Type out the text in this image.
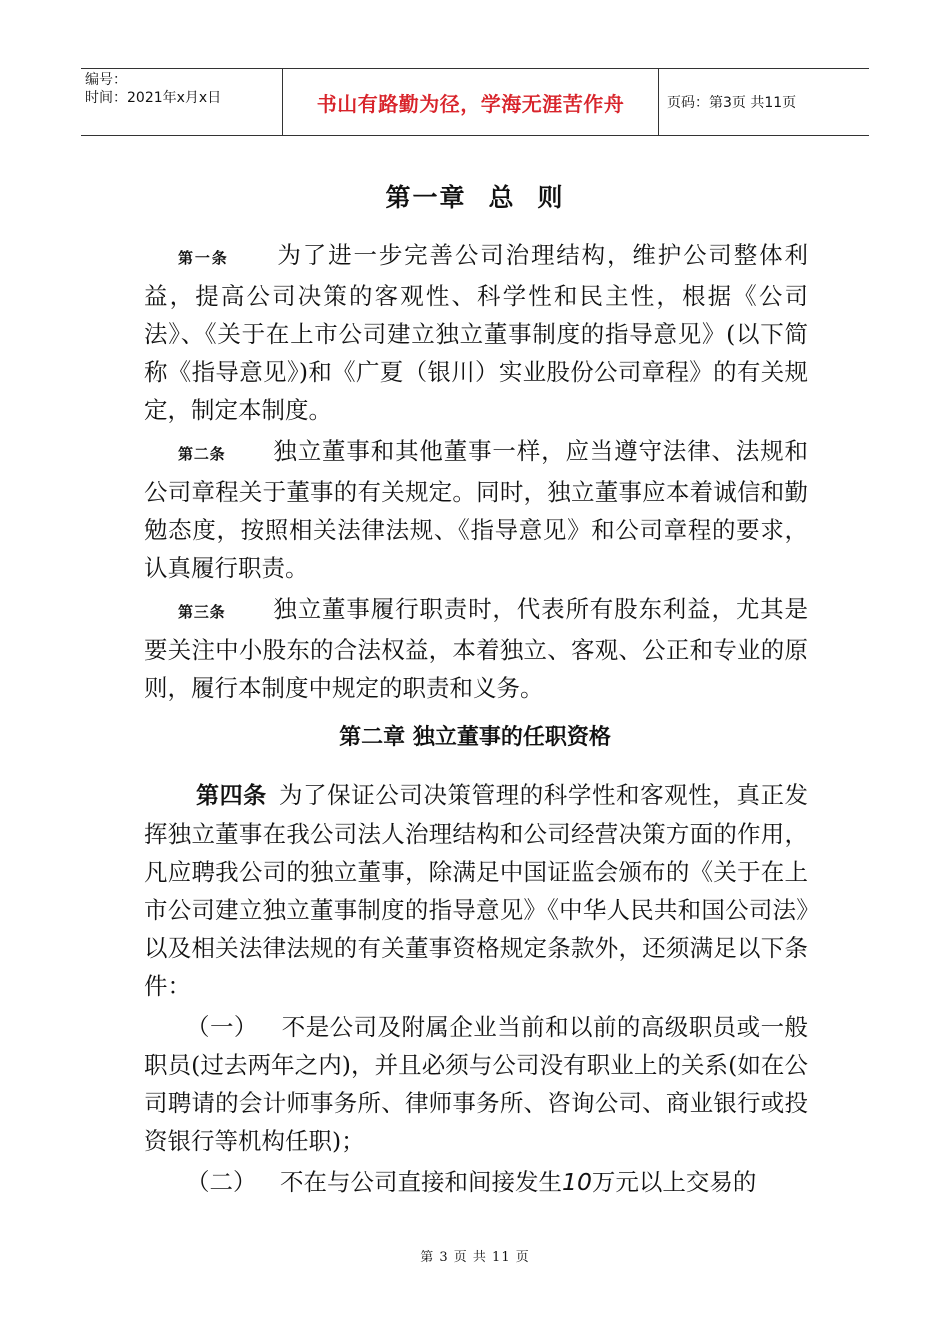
编号：
时间：2021年x月x日	书山有路勤为径，学海无涯苦作舟	页码：第3页 共11页
第一章 总 则

第一条   为了进一步完善公司治理结构，维护公司整体利益，提高公司决策的客观性、科学性和民主性，根据《公司法》、《关于在上市公司建立独立董事制度的指导意见》(以下简称《指导意见》)和《广夏（银川）实业股份公司章程》的有关规定，制定本制度。

第二条   独立董事和其他董事一样，应当遵守法律、法规和公司章程关于董事的有关规定。同时，独立董事应本着诚信和勤勉态度，按照相关法律法规、《指导意见》和公司章程的要求，认真履行职责。

第三条   独立董事履行职责时，代表所有股东利益，尤其是要关注中小股东的合法权益，本着独立、客观、公正和专业的原则，履行本制度中规定的职责和义务。

第二章 独立董事的任职资格

第四条  为了保证公司决策管理的科学性和客观性，真正发挥独立董事在我公司法人治理结构和公司经营决策方面的作用，凡应聘我公司的独立董事，除满足中国证监会颁布的《关于在上市公司建立独立董事制度的指导意见》《中华人民共和国公司法》以及相关法律法规的有关董事资格规定条款外，还须满足以下条件：

（一）  不是公司及附属企业当前和以前的高级职员或一般职员(过去两年之内)，并且必须与公司没有职业上的关系(如在公司聘请的会计师事务所、律师事务所、咨询公司、商业银行或投资银行等机构任职)；

（二）  不在与公司直接和间接发生10万元以上交易的

第 3 页 共 11 页
